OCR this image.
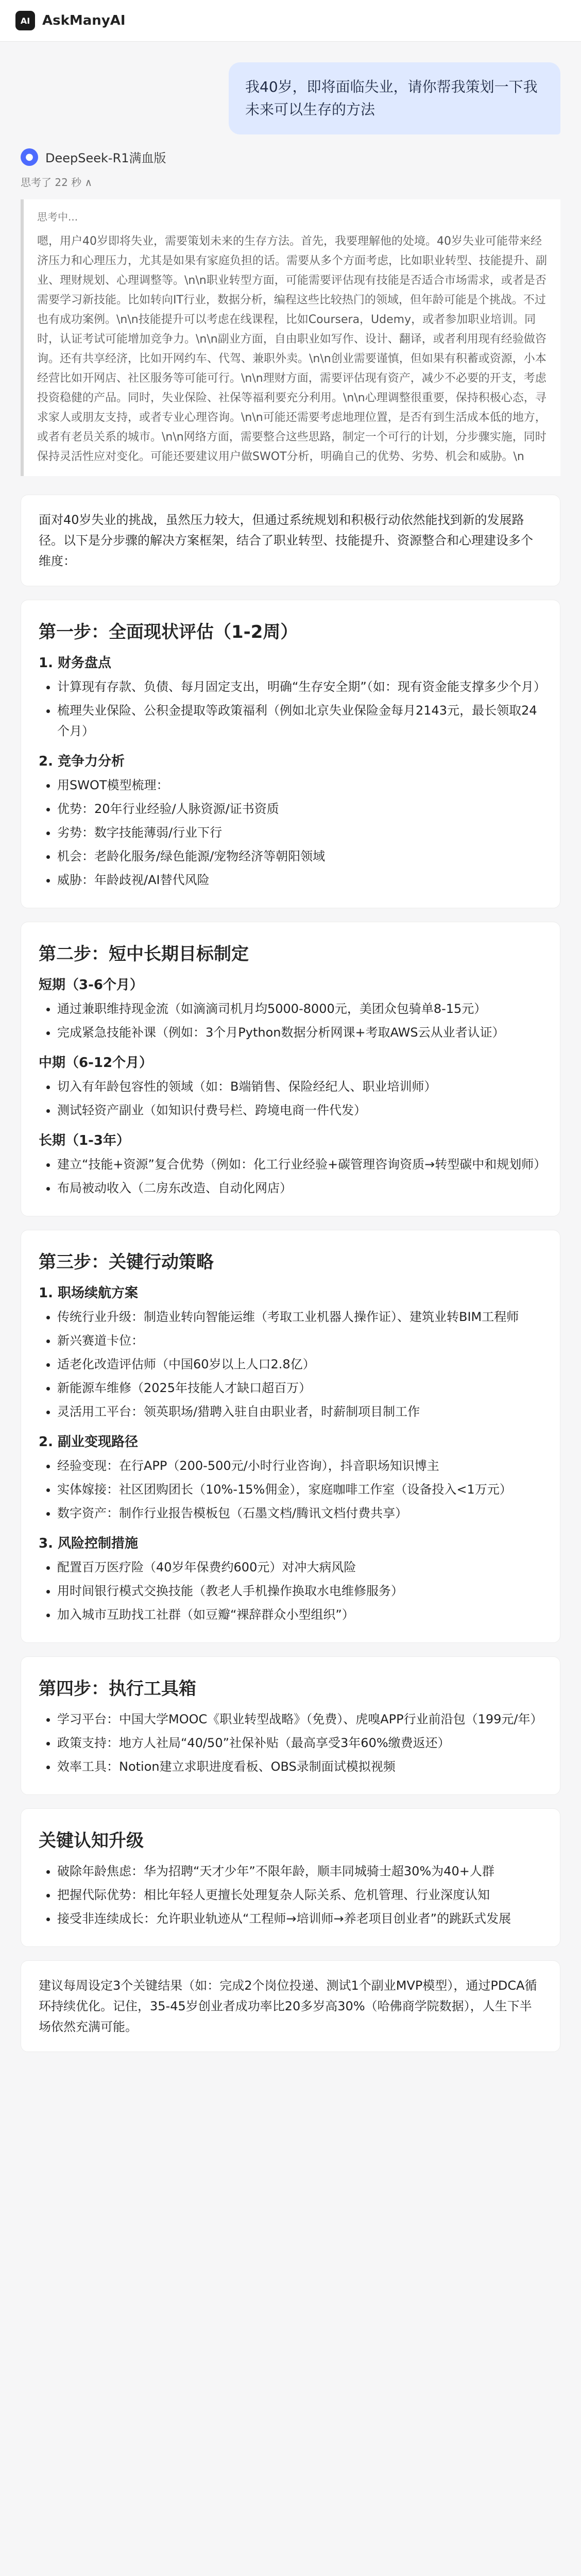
AI AskManyAI
我40岁，即将面临失业，请你帮我策划一下我未来可以生存的方法
● DeepSeek-R1满血版
思考了 22 秒 ∧
思考中...
嗯，用户40岁即将失业，需要策划未来的生存方法。首先，我要理解他的处境。40岁失业可能带来经济压力和心理压力，尤其是如果有家庭负担的话。需要从多个方面考虑，比如职业转型、技能提升、副业、理财规划、心理调整等。\n\n职业转型方面，可能需要评估现有技能是否适合市场需求，或者是否需要学习新技能。比如转向IT行业，数据分析，编程这些比较热门的领域，但年龄可能是个挑战。不过也有成功案例。\n\n技能提升可以考虑在线课程，比如Coursera，Udemy，或者参加职业培训。同时，认证考试可能增加竞争力。\n\n副业方面，自由职业如写作、设计、翻译，或者利用现有经验做咨询。还有共享经济，比如开网约车、代驾、兼职外卖。\n\n创业需要谨慎，但如果有积蓄或资源，小本经营比如开网店、社区服务等可能可行。\n\n理财方面，需要评估现有资产，减少不必要的开支，考虑投资稳健的产品。同时，失业保险、社保等福利要充分利用。\n\n心理调整很重要，保持积极心态，寻求家人或朋友支持，或者专业心理咨询。\n\n可能还需要考虑地理位置，是否有到生活成本低的地方，或者有老员关系的城市。\n\n网络方面，需要整合这些思路，制定一个可行的计划，分步骤实施，同时保持灵活性应对变化。可能还要建议用户做SWOT分析，明确自己的优势、劣势、机会和威胁。\n
面对40岁失业的挑战，虽然压力较大，但通过系统规划和积极行动依然能找到新的发展路径。以下是分步骤的解决方案框架，结合了职业转型、技能提升、资源整合和心理建设多个维度：
第一步：全面现状评估（1-2周）
1. 财务盘点
• 计算现有存款、负债、每月固定支出，明确“生存安全期”（如：现有资金能支撑多少个月）
• 梳理失业保险、公积金提取等政策福利（例如北京失业保险金每月2143元，最长领取24个月）
2. 竞争力分析
• 用SWOT模型梳理：
• 优势：20年行业经验/人脉资源/证书资质
• 劣势：数字技能薄弱/行业下行
• 机会：老龄化服务/绿色能源/宠物经济等朝阳领域
• 威胁：年龄歧视/AI替代风险
第二步：短中长期目标制定
短期（3-6个月）
• 通过兼职维持现金流（如滴滴司机月均5000-8000元，美团众包骑单8-15元）
• 完成紧急技能补课（例如：3个月Python数据分析网课+考取AWS云从业者认证）
中期（6-12个月）
• 切入有年龄包容性的领域（如：B端销售、保险经纪人、职业培训师）
• 测试轻资产副业（如知识付费号栏、跨境电商一件代发）
长期（1-3年）
• 建立“技能+资源”复合优势（例如：化工行业经验+碳管理咨询资质→转型碳中和规划师）
• 布局被动收入（二房东改造、自动化网店）
第三步：关键行动策略
1. 职场续航方案
• 传统行业升级：制造业转向智能运维（考取工业机器人操作证）、建筑业转BIM工程师
• 新兴赛道卡位：
• 适老化改造评估师（中国60岁以上人口2.8亿）
• 新能源车维修（2025年技能人才缺口超百万）
• 灵活用工平台：领英职场/猎聘入驻自由职业者，时薪制项目制工作
2. 副业变现路径
• 经验变现：在行APP（200-500元/小时行业咨询），抖音职场知识博主
• 实体嫁接：社区团购团长（10%-15%佣金），家庭咖啡工作室（设备投入<1万元）
• 数字资产：制作行业报告模板包（石墨文档/腾讯文档付费共享）
3. 风险控制措施
• 配置百万医疗险（40岁年保费约600元）对冲大病风险
• 用时间银行模式交换技能（教老人手机操作换取水电维修服务）
• 加入城市互助找工社群（如豆瓣“裸辞群众小型组织”）
第四步：执行工具箱
• 学习平台：中国大学MOOC《职业转型战略》（免费）、虎嗅APP行业前沿包（199元/年）
• 政策支持：地方人社局“40/50”社保补贴（最高享受3年60%缴费返还）
• 效率工具：Notion建立求职进度看板、OBS录制面试模拟视频
关键认知升级
• 破除年龄焦虑：华为招聘“天才少年”不限年龄，顺丰同城骑士超30%为40+人群
• 把握代际优势：相比年轻人更擅长处理复杂人际关系、危机管理、行业深度认知
• 接受非连续成长：允许职业轨迹从“工程师→培训师→养老项目创业者”的跳跃式发展
建议每周设定3个关键结果（如：完成2个岗位投递、测试1个副业MVP模型），通过PDCA循环持续优化。记住，35-45岁创业者成功率比20多岁高30%（哈佛商学院数据），人生下半场依然充满可能。
